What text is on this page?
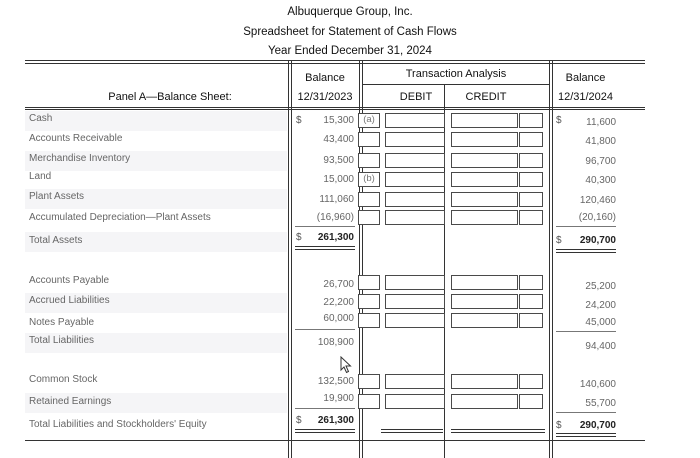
Albuquerque Group, Inc.
Spreadsheet for Statement of Cash Flows
Year Ended December 31, 2024
Panel A—Balance Sheet:
Balance
12/31/2023
Transaction Analysis
DEBIT	CREDIT
Balance
12/31/2024
Cash	$	15,300 (a)	$	11,600
Accounts Receivable	43,400	41,800
Merchandise Inventory	93,500	96,700
Land	15,000 (b)	40,300
Plant Assets	111,060	120,460
Accumulated Depreciation—Plant Assets	(16,960)	(20,160)
Total Assets	$	261,300	$	290,700
Accounts Payable	26,700	25,200
Accrued Liabilities	22,200	24,200
Notes Payable	60,000	45,000
Total Liabilities	108,900	94,400
Common Stock	132,500	140,600
Retained Earnings	19,900	55,700
Total Liabilities and Stockholders' Equity	$	261,300	$	290,700
